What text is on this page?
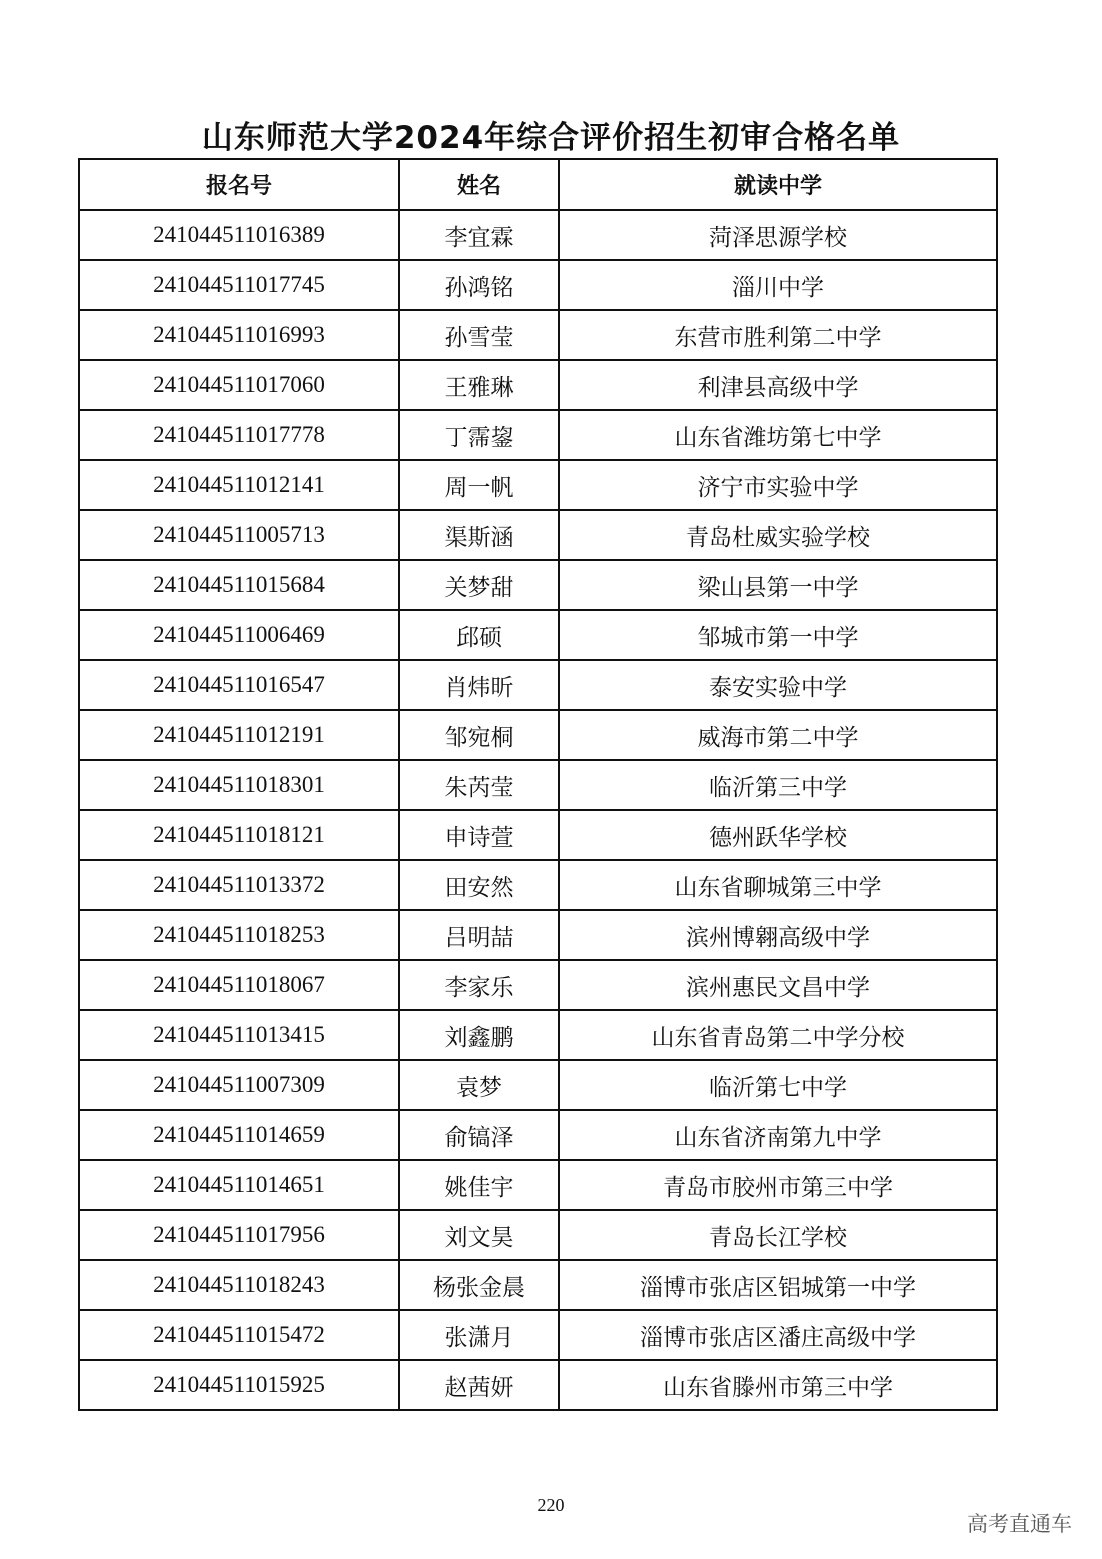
山东师范大学2024年综合评价招生初审合格名单
报名号	姓名	就读中学
241044511016389	李宜霖	菏泽思源学校
241044511017745	孙鸿铭	淄川中学
241044511016993	孙雪莹	东营市胜利第二中学
241044511017060	王雅琳	利津县高级中学
241044511017778	丁霈鋆	山东省潍坊第七中学
241044511012141	周一帆	济宁市实验中学
241044511005713	渠斯涵	青岛杜威实验学校
241044511015684	关梦甜	梁山县第一中学
241044511006469	邱硕	邹城市第一中学
241044511016547	肖炜昕	泰安实验中学
241044511012191	邹宛桐	威海市第二中学
241044511018301	朱芮莹	临沂第三中学
241044511018121	申诗萱	德州跃华学校
241044511013372	田安然	山东省聊城第三中学
241044511018253	吕明喆	滨州博翱高级中学
241044511018067	李家乐	滨州惠民文昌中学
241044511013415	刘鑫鹏	山东省青岛第二中学分校
241044511007309	袁梦	临沂第七中学
241044511014659	俞镐泽	山东省济南第九中学
241044511014651	姚佳宇	青岛市胶州市第三中学
241044511017956	刘文昊	青岛长江学校
241044511018243	杨张金晨	淄博市张店区铝城第一中学
241044511015472	张潇月	淄博市张店区潘庄高级中学
241044511015925	赵茜妍	山东省滕州市第三中学
220
高考直通车
